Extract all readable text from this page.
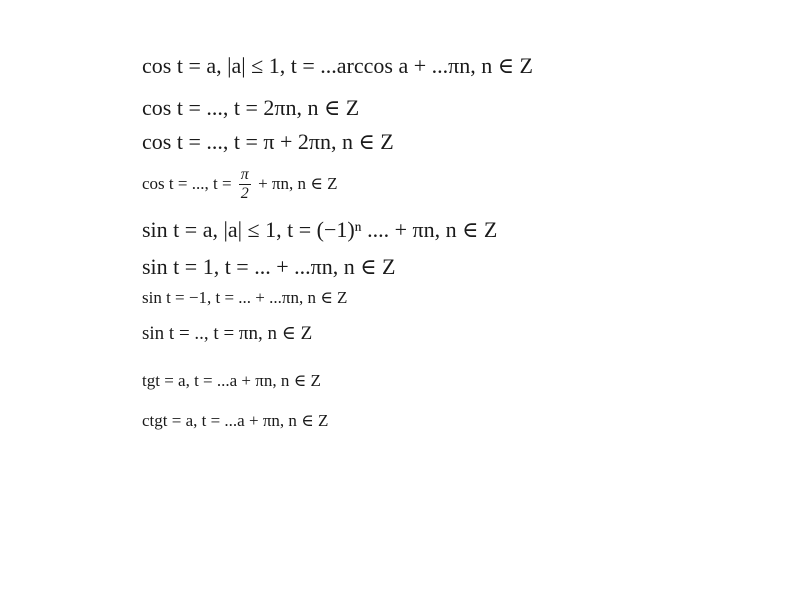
cos t = a, |a| ≤ 1, t = ...arccos a + ...πn, n ∈ Z
cos t = ..., t = 2πn, n ∈ Z
cos t = ..., t = π + 2πn, n ∈ Z
cos t = ..., $t = \frac{\pi}{2} + \pi n$, n ∈ Z
sin t = a, |a| ≤ 1, t = (−1)ⁿ .... + πn, n ∈ Z
sin t = 1, t = ... + ...πn, n ∈ Z
sin t = −1, t = ... + ...πn, n ∈ Z
sin t = .., t = πn, n ∈ Z
tgt = a, t = ...a + πn, n ∈ Z
ctgt = a, t = ...a + πn, n ∈ Z
